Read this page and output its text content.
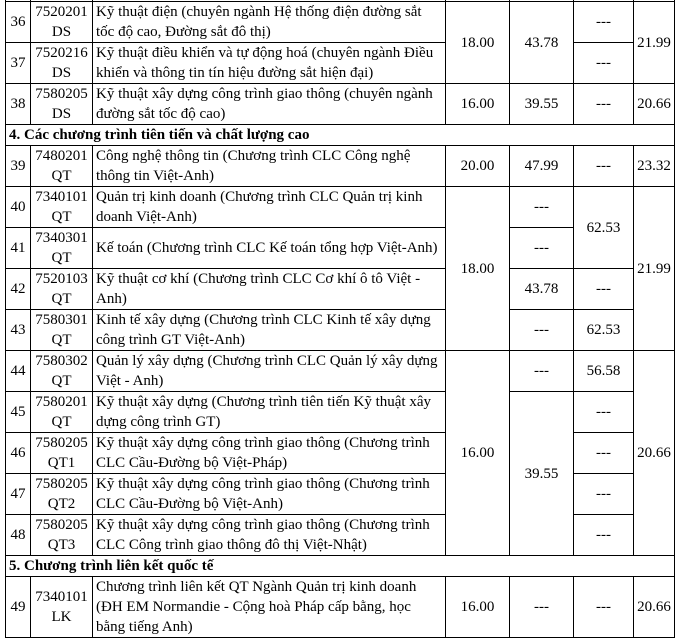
36	7520201 DS	Kỹ thuật điện (chuyên ngành Hệ thống điện đường sắt tốc độ cao, Đường sắt đô thị)	18.00	43.78	---	21.99
37	7520216 DS	Kỹ thuật điều khiển và tự động hoá (chuyên ngành Điều khiển và thông tin tín hiệu đường sắt hiện đại)			---	
38	7580205 DS	Kỹ thuật xây dựng công trình giao thông (chuyên ngành đường sắt tốc độ cao)	16.00	39.55	---	20.66
4. Các chương trình tiên tiến và chất lượng cao						
39	7480201 QT	Công nghệ thông tin (Chương trình CLC Công nghệ thông tin Việt-Anh)	20.00	47.99	---	23.32
40	7340101 QT	Quản trị kinh doanh (Chương trình CLC Quản trị kinh doanh Việt-Anh)	18.00	---	62.53	21.99
41	7340301 QT	Kế toán (Chương trình CLC Kế toán tổng hợp Việt-Anh)		---		
42	7520103 QT	Kỹ thuật cơ khí (Chương trình CLC Cơ khí ô tô Việt - Anh)		43.78	---	
43	7580301 QT	Kinh tế xây dựng (Chương trình CLC Kinh tế xây dựng công trình GT Việt-Anh)		---	62.53	
44	7580302 QT	Quản lý xây dựng (Chương trình CLC Quản lý xây dựng Việt - Anh)	16.00	---	56.58	20.66
45	7580201 QT	Kỹ thuật xây dựng (Chương trình tiên tiến Kỹ thuật xây dựng công trình GT)		39.55	---	
46	7580205 QT1	Kỹ thuật xây dựng công trình giao thông (Chương trình CLC Cầu-Đường bộ Việt-Pháp)			---	
47	7580205 QT2	Kỹ thuật xây dựng công trình giao thông (Chương trình CLC Cầu-Đường bộ Việt-Anh)			---	
48	7580205 QT3	Kỹ thuật xây dựng công trình giao thông (Chương trình CLC Công trình giao thông đô thị Việt-Nhật)			---	
5. Chương trình liên kết quốc tế						
49	7340101 LK	Chương trình liên kết QT Ngành Quản trị kinh doanh (ĐH EM Normandie - Cộng hoà Pháp cấp bằng, học bằng tiếng Anh)	16.00	---	---	20.66
